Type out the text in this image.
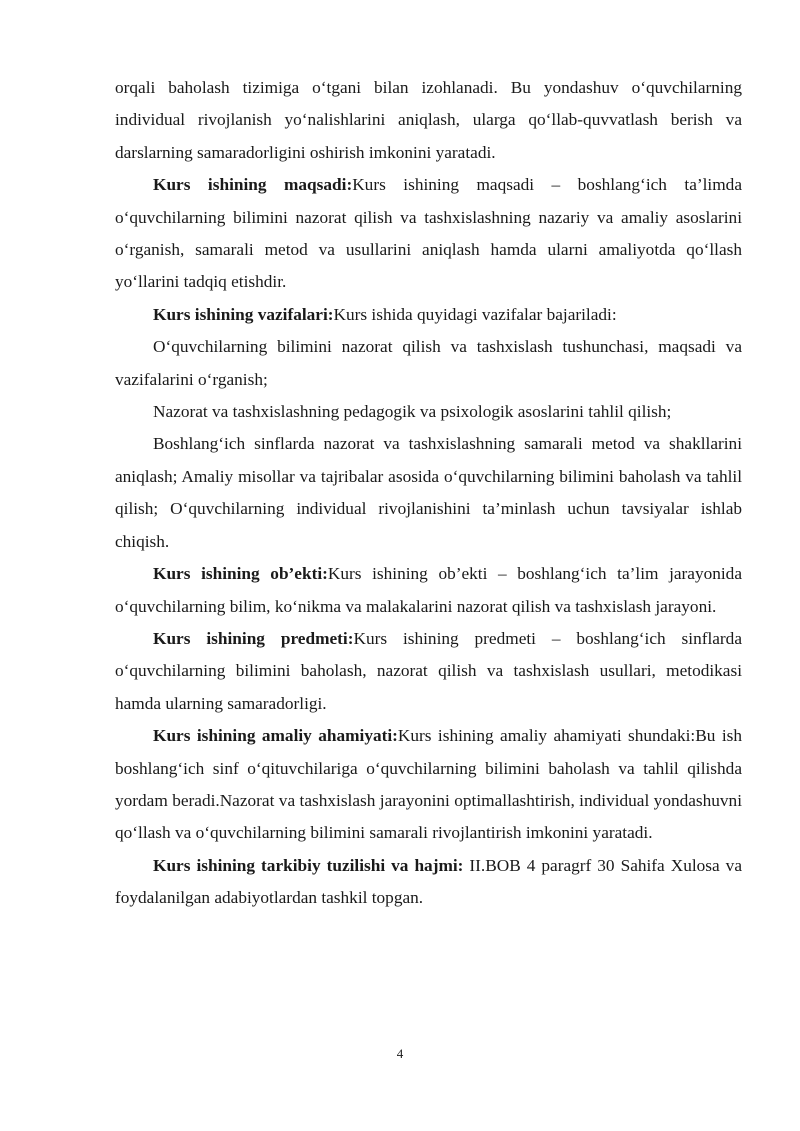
orqali baholash tizimiga o‘tgani bilan izohlanadi. Bu yondashuv o‘quvchilarning individual rivojlanish yo‘nalishlarini aniqlash, ularga qo‘llab-quvvatlash berish va darslarning samaradorligini oshirish imkonini yaratadi.

Kurs ishining maqsadi:Kurs ishining maqsadi – boshlang‘ich ta’limda o‘quvchilarning bilimini nazorat qilish va tashxislashning nazariy va amaliy asoslarini o‘rganish, samarali metod va usullarini aniqlash hamda ularni amaliyotda qo‘llash yo‘llarini tadqiq etishdir.

Kurs ishining vazifalari:Kurs ishida quyidagi vazifalar bajariladi:

O‘quvchilarning bilimini nazorat qilish va tashxislash tushunchasi, maqsadi va vazifalarini o‘rganish;

Nazorat va tashxislashning pedagogik va psixologik asoslarini tahlil qilish;

Boshlang‘ich sinflarda nazorat va tashxislashning samarali metod va shakllarini aniqlash; Amaliy misollar va tajribalar asosida o‘quvchilarning bilimini baholash va tahlil qilish; O‘quvchilarning individual rivojlanishini ta’minlash uchun tavsiyalar ishlab chiqish.

Kurs ishining ob’ekti:Kurs ishining ob’ekti – boshlang‘ich ta’lim jarayonida o‘quvchilarning bilim, ko‘nikma va malakalarini nazorat qilish va tashxislash jarayoni.

Kurs ishining predmeti:Kurs ishining predmeti – boshlang‘ich sinflarda o‘quvchilarning bilimini baholash, nazorat qilish va tashxislash usullari, metodikasi hamda ularning samaradorligi.

Kurs ishining amaliy ahamiyati:Kurs ishining amaliy ahamiyati shundaki:Bu ish boshlang‘ich sinf o‘qituvchilariga o‘quvchilarning bilimini baholash va tahlil qilishda yordam beradi.Nazorat va tashxislash jarayonini optimallashtirish, individual yondashuvni qo‘llash va o‘quvchilarning bilimini samarali rivojlantirish imkonini yaratadi.

Kurs ishining tarkibiy tuzilishi va hajmi: II.BOB 4 paragrf 30 Sahifa Xulosa va foydalanilgan adabiyotlardan tashkil topgan.

4
